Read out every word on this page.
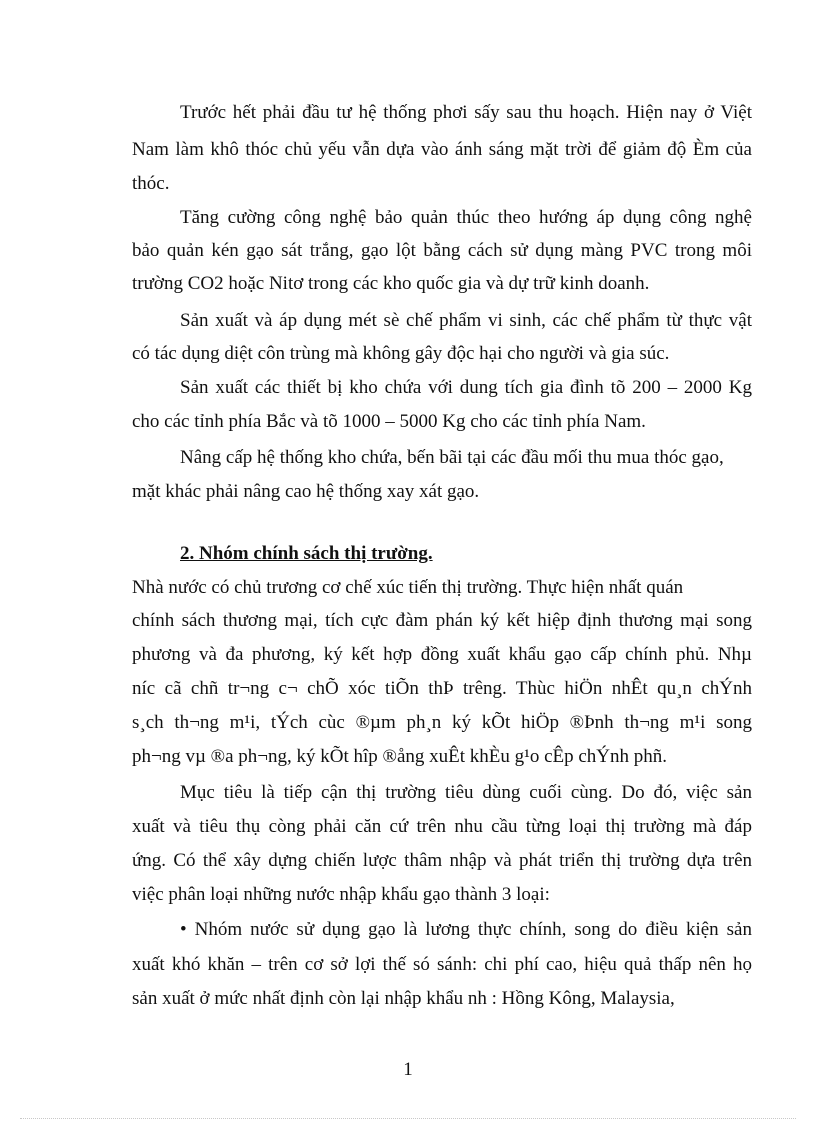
Trước hết phải đầu tư hệ thống phơi sấy sau thu hoạch. Hiện nay ở Việt
Nam làm khô thóc chủ yếu vẫn dựa vào ánh sáng mặt trời để giảm độ Èm của
thóc.
Tăng cường công nghệ bảo quản thúc theo hướng áp dụng công nghệ
bảo quản kén gạo sát trắng, gạo lột bằng cách sử dụng màng PVC trong môi
trường CO2 hoặc Nitơ trong các kho quốc gia và dự trữ kinh doanh.
Sản xuất và áp dụng mét sè chế phẩm vi sinh, các chế phẩm từ thực vật
có tác dụng diệt côn trùng mà không gây độc hại cho người và gia súc.
Sản xuất các thiết bị kho chứa với dung tích gia đình tõ 200 – 2000 Kg
cho các tỉnh phía Bắc và tõ 1000 – 5000 Kg cho các tỉnh phía Nam.
Nâng cấp hệ thống kho chứa, bến bãi tại các đầu mối thu mua thóc gạo,
mặt khác phải nâng cao hệ thống xay xát gạo.
2. Nhóm chính sách thị trường.
Nhà nước có chủ trương cơ chế xúc tiến thị trường. Thực hiện nhất quán
chính sách thương mại, tích cực đàm phán ký kết hiệp định thương mại song
phương và đa phương, ký kết hợp đồng xuất khẩu gạo cấp chính phủ. Nhµ
níc cã chñ tr¬ng c¬ chÕ xóc tiÕn thÞ trêng. Thùc hiÖn nhÊt qu¸n chÝnh
s¸ch th¬ng m¹i, tÝch cùc ®µm ph¸n ký kÕt hiÖp ®Þnh th¬ng m¹i song
ph¬ng vµ ®a ph¬ng, ký kÕt hîp ®ång xuÊt khÈu g¹o cÊp chÝnh phñ.
Mục tiêu là tiếp cận thị trường tiêu dùng cuối cùng. Do đó, việc sản
xuất và tiêu thụ còng phải căn cứ trên nhu cầu từng loại thị trường mà đáp
ứng. Có thể xây dựng chiến lược thâm nhập và phát triển thị trường dựa trên
việc phân loại những nước nhập khẩu gạo thành 3 loại:
• Nhóm nước sử dụng gạo là lương thực chính, song do điều kiện sản
xuất khó khăn – trên cơ sở lợi thế só sánh: chi phí cao, hiệu quả thấp nên họ
sản xuất ở mức nhất định còn lại nhập khẩu nh : Hồng Kông, Malaysia,
1
